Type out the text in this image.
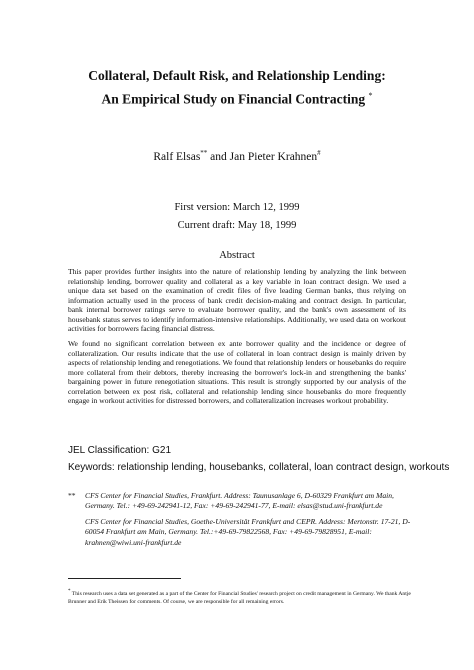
Collateral, Default Risk, and Relationship Lending:
An Empirical Study on Financial Contracting *
Ralf Elsas** and Jan Pieter Krahnen#
First version: March 12, 1999
Current draft: May 18, 1999
Abstract
This paper provides further insights into the nature of relationship lending by analyzing the link between relationship lending, borrower quality and collateral as a key variable in loan contract design. We used a unique data set based on the examination of credit files of five leading German banks, thus relying on information actually used in the process of bank credit decision-making and contract design. In particular, bank internal borrower ratings serve to evaluate borrower quality, and the bank's own assessment of its housebank status serves to identify information-intensive relationships. Additionally, we used data on workout activities for borrowers facing financial distress.
We found no significant correlation between ex ante borrower quality and the incidence or degree of collateralization. Our results indicate that the use of collateral in loan contract design is mainly driven by aspects of relationship lending and renegotiations. We found that relationship lenders or housebanks do require more collateral from their debtors, thereby increasing the borrower's lock-in and strengthening the banks' bargaining power in future renegotiation situations. This result is strongly supported by our analysis of the correlation between ex post risk, collateral and relationship lending since housebanks do more frequently engage in workout activities for distressed borrowers, and collateralization increases workout probability.
JEL Classification: G21
Keywords: relationship lending, housebanks, collateral, loan contract design, workouts
**	CFS Center for Financial Studies, Frankfurt. Address: Taunusanlage 6, D-60329 Frankfurt am Main, Germany. Tel.: +49-69-242941-12, Fax: +49-69-242941-77, E-mail: elsas@stud.uni-frankfurt.de
CFS Center for Financial Studies, Goethe-Universität Frankfurt and CEPR. Address: Mertonstr. 17-21, D-60054 Frankfurt am Main, Germany. Tel.:+49-69-79822568, Fax: +49-69-79828951, E-mail: krahnen@wiwi.uni-frankfurt.de
* This research uses a data set generated as a part of the Center for Financial Studies' research project on credit management in Germany. We thank Antje Brunner and Erik Theissen for comments. Of course, we are responsible for all remaining errors.
